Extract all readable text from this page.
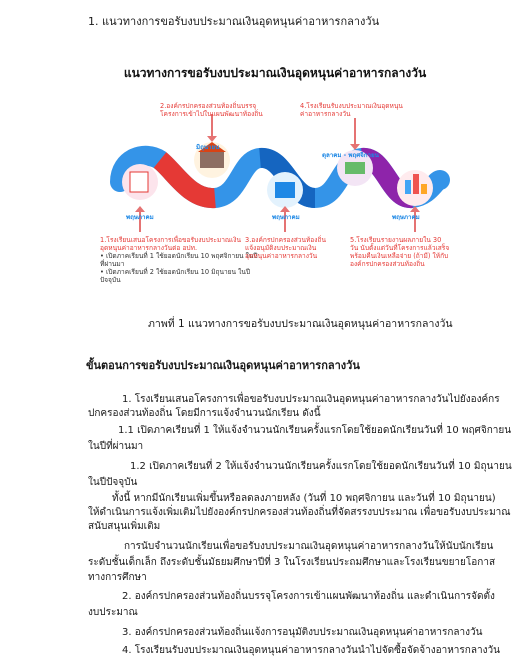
1. แนวทางการขอรับงบประมาณเงินอุดหนุนค่าอาหารกลางวัน
แนวทางการขอรับงบประมาณเงินอุดหนุนค่าอาหารกลางวัน
พฤษภาคม
มิถุนายน
พฤษภาคม
ตุลาคม - พฤศจิกายน
พฤษภาคม
1.โรงเรียนเสนอโครงการเพื่อขอรับงบประมาณเงินอุดหนุนค่าอาหารกลางวันต่อ อปท.
• เปิดภาคเรียนที่ 1 ใช้ยอดนักเรียน 10 พฤศจิกายน ในปีที่ผ่านมา
• เปิดภาคเรียนที่ 2 ใช้ยอดนักเรียน 10 มิถุนายน ในปีปัจจุบัน
2.องค์กรปกครองส่วนท้องถิ่นบรรจุโครงการเข้าไปในแผนพัฒนาท้องถิ่น
3.องค์กรปกครองส่วนท้องถิ่นแจ้งอนุมัติงบประมาณเงินอุดหนุนค่าอาหารกลางวัน
4.โรงเรียนรับงบประมาณเงินอุดหนุนค่าอาหารกลางวัน
5.โรงเรียนรายงานผลภายใน 30 วัน นับตั้งแต่วันที่โครงการแล้วเสร็จพร้อมคืนเงินเหลือจ่าย (ถ้ามี) ให้กับองค์กรปกครองส่วนท้องถิ่น
ภาพที่ 1 แนวทางการขอรับงบประมาณเงินอุดหนุนค่าอาหารกลางวัน
ขั้นตอนการขอรับงบประมาณเงินอุดหนุนค่าอาหารกลางวัน
1. โรงเรียนเสนอโครงการเพื่อขอรับงบประมาณเงินอุดหนุนค่าอาหารกลางวันไปยังองค์กร
ปกครองส่วนท้องถิ่น โดยมีการแจ้งจำนวนนักเรียน ดังนี้
1.1 เปิดภาคเรียนที่ 1 ให้แจ้งจำนวนนักเรียนครั้งแรกโดยใช้ยอดนักเรียนวันที่ 10 พฤศจิกายน
ในปีที่ผ่านมา
1.2 เปิดภาคเรียนที่ 2 ให้แจ้งจำนวนนักเรียนครั้งแรกโดยใช้ยอดนักเรียนวันที่ 10 มิถุนายน
ในปีปัจจุบัน
ทั้งนี้ หากมีนักเรียนเพิ่มขึ้นหรือลดลงภายหลัง (วันที่ 10 พฤศจิกายน และวันที่ 10 มิถุนายน)
ให้ดำเนินการแจ้งเพิ่มเติมไปยังองค์กรปกครองส่วนท้องถิ่นที่จัดสรรงบประมาณ เพื่อขอรับงบประมาณ
สนับสนุนเพิ่มเติม
การนับจำนวนนักเรียนเพื่อขอรับงบประมาณเงินอุดหนุนค่าอาหารกลางวันให้นับนักเรียน
ระดับชั้นเด็กเล็ก ถึงระดับชั้นมัธยมศึกษาปีที่ 3 ในโรงเรียนประถมศึกษาและโรงเรียนขยายโอกาส
ทางการศึกษา
2. องค์กรปกครองส่วนท้องถิ่นบรรจุโครงการเข้าแผนพัฒนาท้องถิ่น และดำเนินการจัดตั้ง
งบประมาณ
3. องค์กรปกครองส่วนท้องถิ่นแจ้งการอนุมัติงบประมาณเงินอุดหนุนค่าอาหารกลางวัน
4. โรงเรียนรับงบประมาณเงินอุดหนุนค่าอาหารกลางวันนำไปจัดซื้อจัดจ้างอาหารกลางวัน
